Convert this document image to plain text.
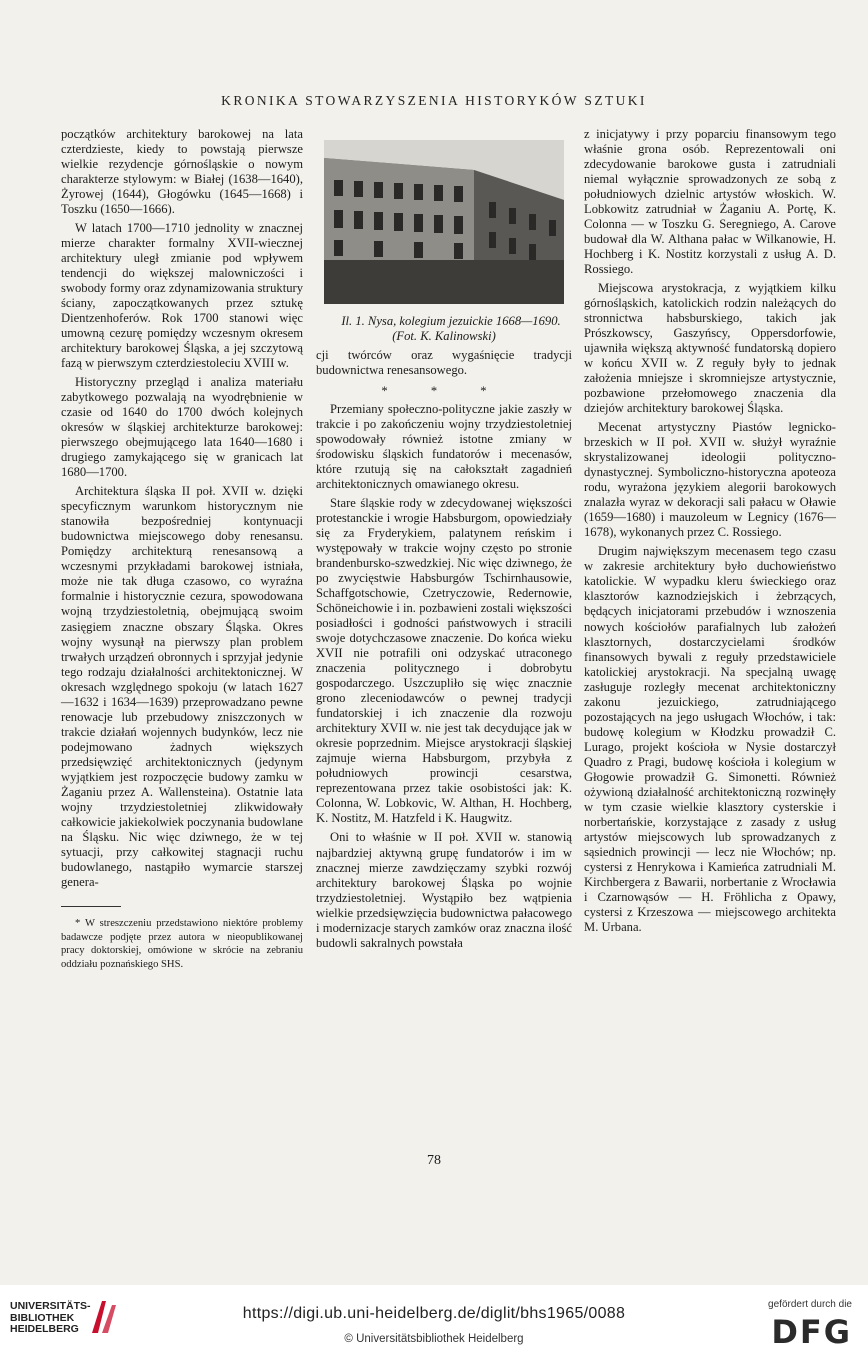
KRONIKA STOWARZYSZENIA HISTORYKÓW SZTUKI

początków architektury barokowej na lata czterdzieste, kiedy to powstają pierwsze wielkie rezydencje górnośląskie o nowym charakterze stylowym: w Białej (1638—1640), Żyrowej (1644), Głogówku (1645—1668) i Toszku (1650—1666).

W latach 1700—1710 jednolity w znacznej mierze charakter formalny XVII-wiecznej architektury uległ zmianie pod wpływem tendencji do większej malowniczości i swobody formy oraz zdynamizowania struktury ściany, zapoczątkowanych przez sztukę Dientzenhoferów. Rok 1700 stanowi więc umowną cezurę pomiędzy wczesnym okresem architektury barokowej Śląska, a jej szczytową fazą w pierwszym czterdziestoleciu XVIII w.

Historyczny przegląd i analiza materiału zabytkowego pozwalają na wyodrębnienie w czasie od 1640 do 1700 dwóch kolejnych okresów w śląskiej architekturze barokowej: pierwszego obejmującego lata 1640—1680 i drugiego zamykającego się w granicach lat 1680—1700.

Architektura śląska II poł. XVII w. dzięki specyficznym warunkom historycznym nie stanowiła bezpośredniej kontynuacji budownictwa miejscowego doby renesansu. Pomiędzy architekturą renesansową a wczesnymi przykładami barokowej istniała, może nie tak długa czasowo, co wyraźna formalnie i historycznie cezura, spowodowana wojną trzydziestoletnią, obejmującą swoim zasięgiem znaczne obszary Śląska. Okres wojny wysunął na pierwszy plan problem trwałych urządzeń obronnych i sprzyjał jedynie tego rodzaju działalności architektonicznej. W okresach względnego spokoju (w latach 1627—1632 i 1634—1639) przeprowadzano pewne renowacje lub przebudowy zniszczonych w trakcie działań wojennych budynków, lecz nie podejmowano żadnych większych przedsięwzięć architektonicznych (jedynym wyjątkiem jest rozpoczęcie budowy zamku w Żaganiu przez A. Wallensteina). Ostatnie lata wojny trzydziestoletniej zlikwidowały całkowicie jakiekolwiek poczynania budowlane na Śląsku. Nic więc dziwnego, że w tej sytuacji, przy całkowitej stagnacji ruchu budowlanego, nastąpiło wymarcie starszej genera-

* W streszczeniu przedstawiono niektóre problemy badawcze podjęte przez autora w nieopublikowanej pracy doktorskiej, omówione w skrócie na zebraniu oddziału poznańskiego SHS.

Il. 1. Nysa, kolegium jezuickie 1668—1690. (Fot. K. Kalinowski)

cji twórców oraz wygaśnięcie tradycji budownictwa renesansowego.

* * *

Przemiany społeczno-polityczne jakie zaszły w trakcie i po zakończeniu wojny trzydziestoletniej spowodowały również istotne zmiany w środowisku śląskich fundatorów i mecenasów, które rzutują się na całokształt zagadnień architektonicznych omawianego okresu.

Stare śląskie rody w zdecydowanej większości protestanckie i wrogie Habsburgom, opowiedziały się za Fryderykiem, palatynem reńskim i występowały w trakcie wojny często po stronie brandenbursko-szwedzkiej. Nic więc dziwnego, że po zwycięstwie Habsburgów Tschirnhausowie, Schaffgotschowie, Czetryczowie, Redernowie, Schöneichowie i in. pozbawieni zostali większości posiadłości i godności państwowych i stracili swoje dotychczasowe znaczenie. Do końca wieku XVII nie potrafili oni odzyskać utraconego znaczenia politycznego i dobrobytu gospodarczego. Uszczupliło się więc znacznie grono zleceniodawców o pewnej tradycji fundatorskiej i ich znaczenie dla rozwoju architektury XVII w. nie jest tak decydujące jak w okresie poprzednim. Miejsce arystokracji śląskiej zajmuje wierna Habsburgom, przybyła z południowych prowincji cesarstwa, reprezentowana przez takie osobistości jak: K. Colonna, W. Lobkovic, W. Althan, H. Hochberg, K. Nostitz, M. Hatzfeld i K. Haugwitz.

Oni to właśnie w II poł. XVII w. stanowią najbardziej aktywną grupę fundatorów i im w znacznej mierze zawdzięczamy szybki rozwój architektury barokowej Śląska po wojnie trzydziestoletniej. Wystąpiło bez wątpienia wielkie przedsięwzięcia budownictwa pałacowego i modernizacje starych zamków oraz znaczna ilość budowli sakralnych powstała

z inicjatywy i przy poparciu finansowym tego właśnie grona osób. Reprezentowali oni zdecydowanie barokowe gusta i zatrudniali niemal wyłącznie sprowadzonych ze sobą z południowych dzielnic artystów włoskich. W. Lobkowitz zatrudniał w Żaganiu A. Portę, K. Colonna — w Toszku G. Seregniego, A. Carove budował dla W. Althana pałac w Wilkanowie, H. Hochberg i K. Nostitz korzystali z usług A. D. Rossiego.

Miejscowa arystokracja, z wyjątkiem kilku górnośląskich, katolickich rodzin należących do stronnictwa habsburskiego, takich jak Prószkowscy, Gaszyńscy, Oppersdorfowie, ujawniła większą aktywność fundatorską dopiero w końcu XVII w. Z reguły były to jednak założenia mniejsze i skromniejsze artystycznie, pozbawione przełomowego znaczenia dla dziejów architektury barokowej Śląska.

Mecenat artystyczny Piastów legnicko-brzeskich w II poł. XVII w. służył wyraźnie skrystalizowanej ideologii polityczno-dynastycznej. Symboliczno-historyczna apoteoza rodu, wyrażona językiem alegorii barokowych znalazła wyraz w dekoracji sali pałacu w Oławie (1659—1680) i mauzoleum w Legnicy (1676—1678), wykonanych przez C. Rossiego.

Drugim największym mecenasem tego czasu w zakresie architektury było duchowieństwo katolickie. W wypadku kleru świeckiego oraz klasztorów kaznodziejskich i żebrzących, będących inicjatorami przebudów i wznoszenia nowych kościołów parafialnych lub założeń klasztornych, dostarczycielami środków finansowych bywali z reguły przedstawiciele katolickiej arystokracji. Na specjalną uwagę zasługuje rozległy mecenat architektoniczny zakonu jezuickiego, zatrudniającego pozostających na jego usługach Włochów, i tak: budowę kolegium w Kłodzku prowadził C. Lurago, projekt kościoła w Nysie dostarczył Quadro z Pragi, budowę kościoła i kolegium w Głogowie prowadził G. Simonetti. Również ożywioną działalność architektoniczną rozwinęły w tym czasie wielkie klasztory cysterskie i norbertańskie, korzystające z zasady z usług artystów miejscowych lub sprowadzanych z sąsiednich prowincji — lecz nie Włochów; np. cystersi z Henrykowa i Kamieńca zatrudniali M. Kirchbergera z Bawarii, norbertanie z Wrocławia i Czarnowąsów — H. Fröhlicha z Opawy, cystersi z Krzeszowa — miejscowego architekta M. Urbana.

78
UNIVERSITÄTS-
BIBLIOTHEK
HEIDELBERG
https://digi.ub.uni-heidelberg.de/diglit/bhs1965/0088
© Universitätsbibliothek Heidelberg
gefördert durch die
DFG
